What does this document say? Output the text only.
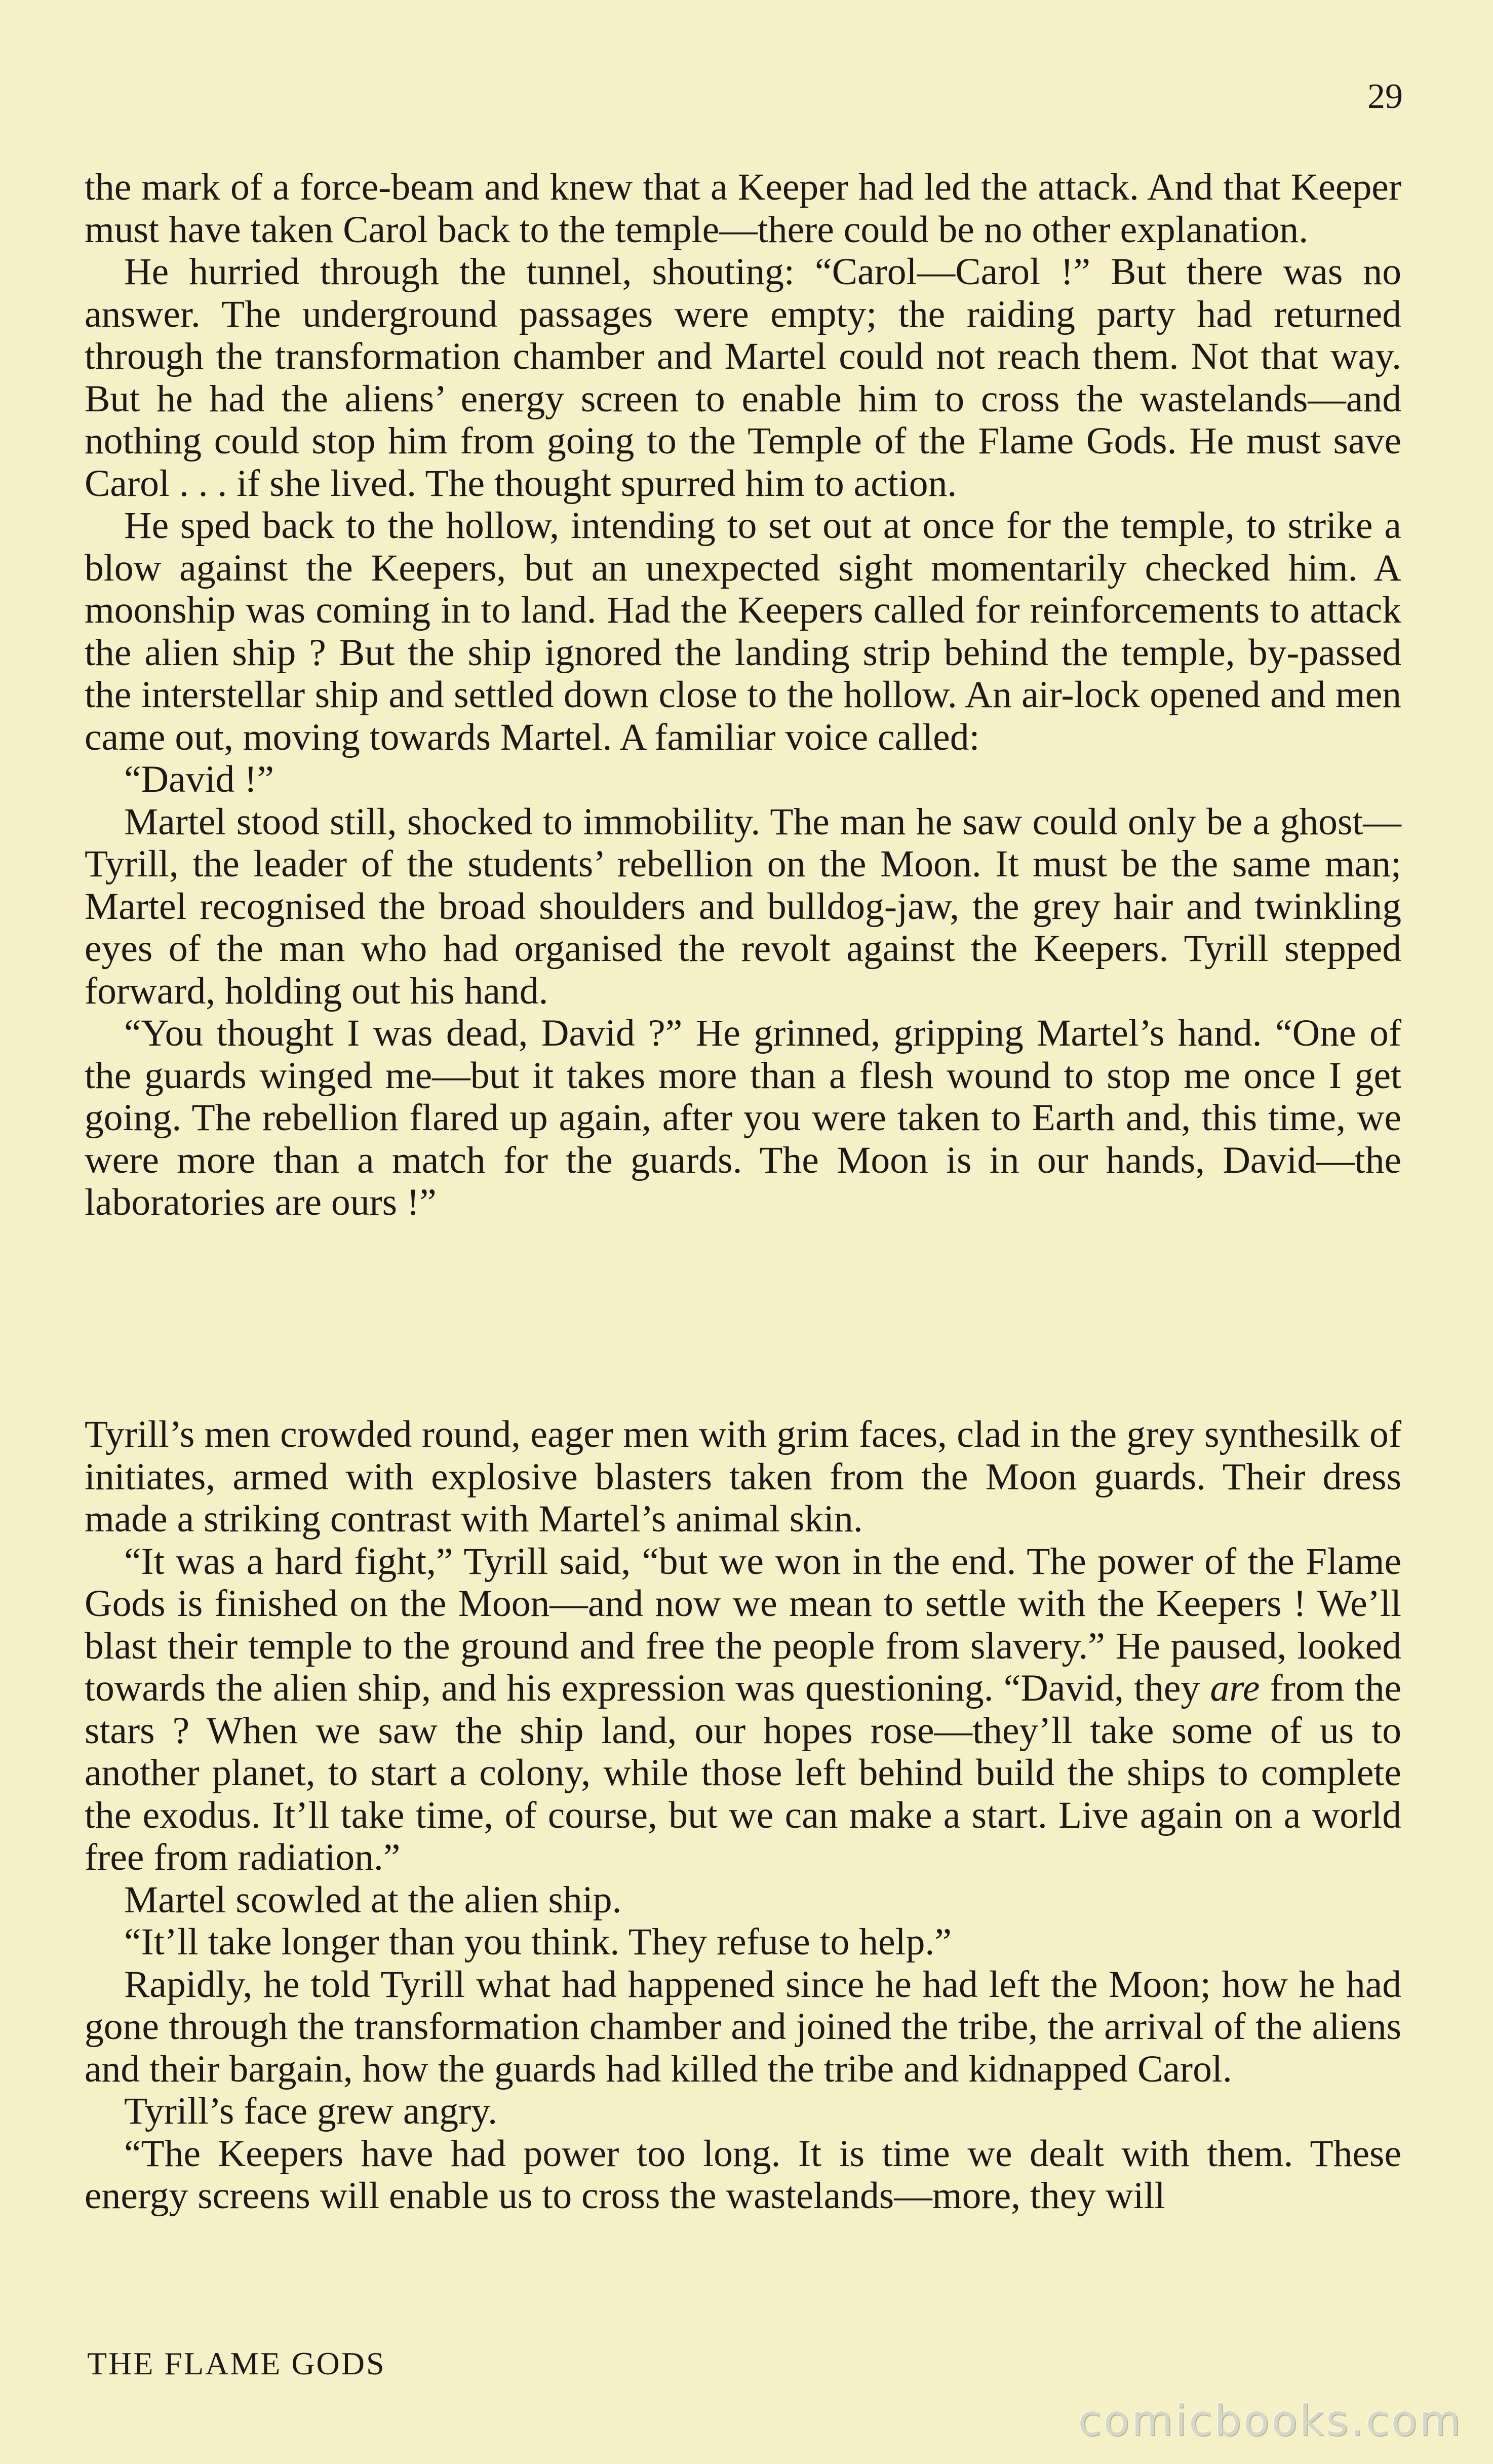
29

the mark of a force-beam and knew that a Keeper had led the attack. And that Keeper must have taken Carol back to the temple—there could be no other explanation.

He hurried through the tunnel, shouting: “Carol—Carol !” But there was no answer. The underground passages were empty; the raiding party had returned through the transformation chamber and Martel could not reach them. Not that way. But he had the aliens’ energy screen to enable him to cross the wastelands—and nothing could stop him from going to the Temple of the Flame Gods. He must save Carol . . . if she lived. The thought spurred him to action.

He sped back to the hollow, intending to set out at once for the temple, to strike a blow against the Keepers, but an unexpected sight momentarily checked him. A moonship was coming in to land. Had the Keepers called for reinforcements to attack the alien ship ? But the ship ignored the landing strip behind the temple, by-passed the interstellar ship and settled down close to the hollow. An air-lock opened and men came out, moving towards Martel. A familiar voice called:

“David !”

Martel stood still, shocked to immobility. The man he saw could only be a ghost—Tyrill, the leader of the students’ rebellion on the Moon. It must be the same man; Martel recognised the broad shoulders and bulldog-jaw, the grey hair and twinkling eyes of the man who had organised the revolt against the Keepers. Tyrill stepped forward, holding out his hand.

“You thought I was dead, David ?” He grinned, gripping Martel’s hand. “One of the guards winged me—but it takes more than a flesh wound to stop me once I get going. The rebellion flared up again, after you were taken to Earth and, this time, we were more than a match for the guards. The Moon is in our hands, David—the laboratories are ours !”

Tyrill’s men crowded round, eager men with grim faces, clad in the grey synthesilk of initiates, armed with explosive blasters taken from the Moon guards. Their dress made a striking contrast with Martel’s animal skin.

“It was a hard fight,” Tyrill said, “but we won in the end. The power of the Flame Gods is finished on the Moon—and now we mean to settle with the Keepers ! We’ll blast their temple to the ground and free the people from slavery.” He paused, looked towards the alien ship, and his expression was questioning. “David, they are from the stars ? When we saw the ship land, our hopes rose—they’ll take some of us to another planet, to start a colony, while those left behind build the ships to complete the exodus. It’ll take time, of course, but we can make a start. Live again on a world free from radiation.”

Martel scowled at the alien ship.

“It’ll take longer than you think. They refuse to help.”

Rapidly, he told Tyrill what had happened since he had left the Moon; how he had gone through the transformation chamber and joined the tribe, the arrival of the aliens and their bargain, how the guards had killed the tribe and kidnapped Carol.

Tyrill’s face grew angry.

“The Keepers have had power too long. It is time we dealt with them. These energy screens will enable us to cross the wastelands—more, they will

THE FLAME GODS
comicbooks.com
